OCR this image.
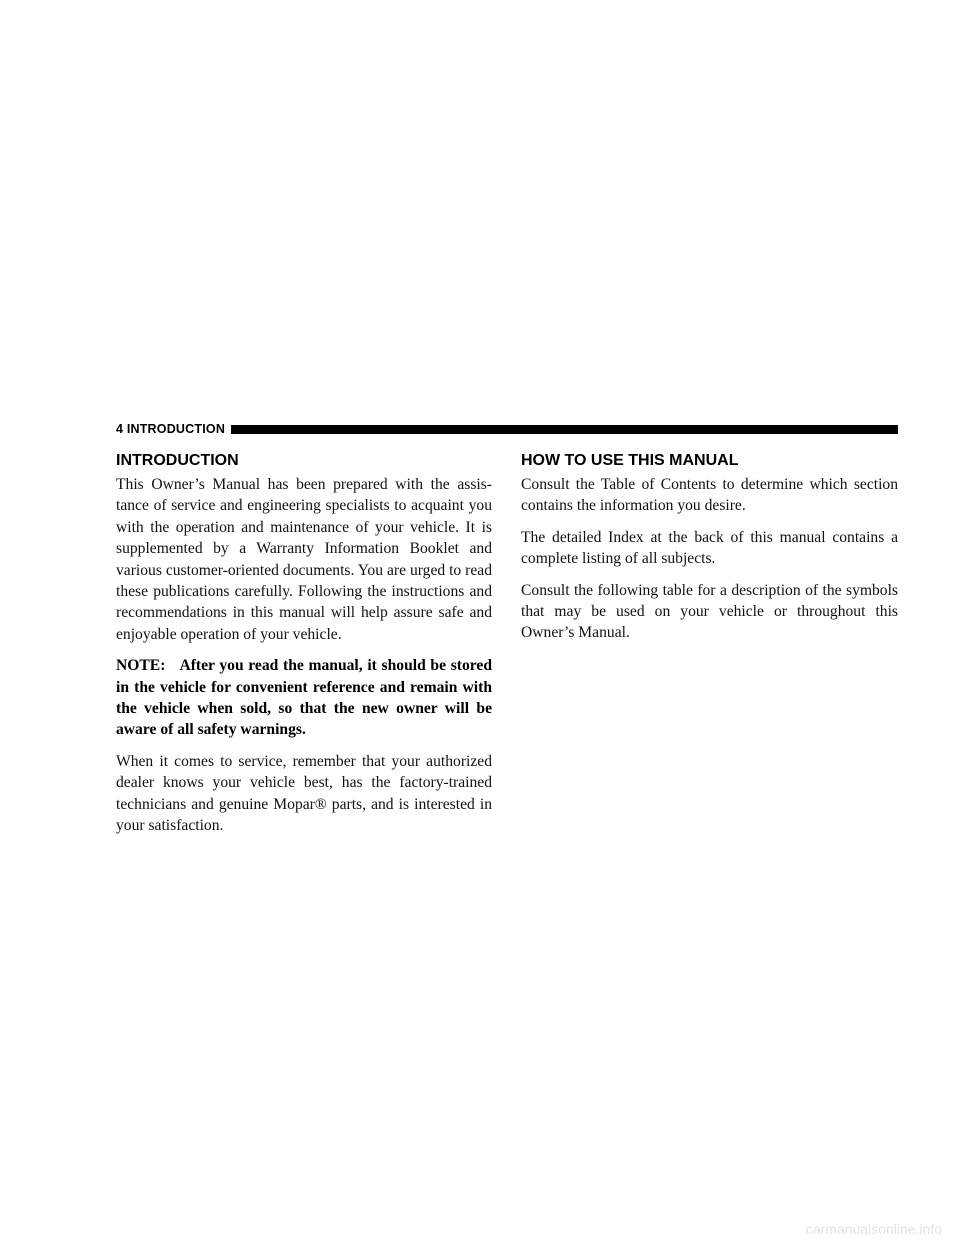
4 INTRODUCTION
INTRODUCTION

This Owner’s Manual has been prepared with the assis-tance of service and engineering specialists to acquaint you with the operation and maintenance of your vehicle. It is supplemented by a Warranty Information Booklet and various customer-oriented documents. You are urged to read these publications carefully. Following the instructions and recommendations in this manual will help assure safe and enjoyable operation of your vehicle.

NOTE: After you read the manual, it should be stored in the vehicle for convenient reference and remain with the vehicle when sold, so that the new owner will be aware of all safety warnings.

When it comes to service, remember that your authorized dealer knows your vehicle best, has the factory-trained technicians and genuine Mopar® parts, and is interested in your satisfaction.

HOW TO USE THIS MANUAL

Consult the Table of Contents to determine which section contains the information you desire.

The detailed Index at the back of this manual contains a complete listing of all subjects.

Consult the following table for a description of the symbols that may be used on your vehicle or throughout this Owner’s Manual.

carmanualsonline.info
